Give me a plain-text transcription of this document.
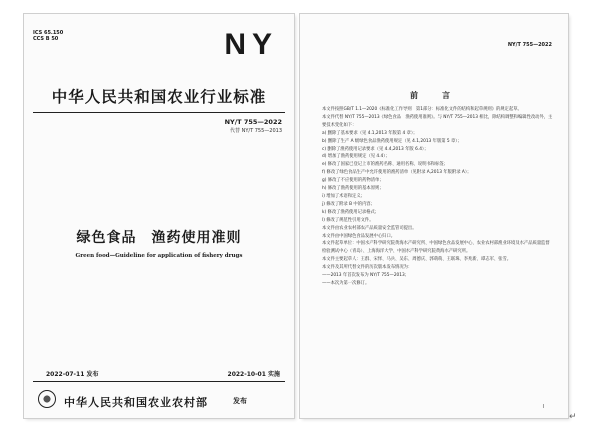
ICS 65.150
CCS B 50	NY
中华人民共和国农业行业标准
NY/T 755—2022
代替 NY/T 755—2013
绿色食品　渔药使用准则
Green food—Guideline for application of fishery drugs
2022-07-11 发布	2022-10-01 实施
中华人民共和国农业农村部	发布
NY/T 755—2022
前　言

本文件按照GB/T 1.1—2020《标准化工作导则　第1部分：标准化文件的结构和起草规则》的规定起草。

本文件代替 NY/T 755—2013《绿色食品　渔药使用准则》。与 NY/T 755—2013 相比，除结构调整和编辑性改动外，主要技术变化如下：

a) 删除了基本要求（见 4.1,2013 年版第 4 章）；

b) 删除了生产 A 级绿色食品渔药使用规定（见 4.1,2013 年版第 5 章）；

c) 删除了渔药使用记录要求（见 4.4,2013 年版 6.4）；

d) 增加了渔药使用规定（见 4.4）；

e) 修改了国家已登记上市的渔药名称、通用名称、说明书和标签；

f) 修改了绿色食品生产中允许使用的渔药清单（见附录 A,2013 年版附录 A）；

g) 修改了不应使用的药物清单；

h) 修改了渔药使用的基本原则；

i) 增加了术语和定义；

j) 修改了附录 B 中的内容；

k) 修改了渔药使用记录格式；

l) 修改了规范性引用文件。

本文件由农业农村部农产品质量安全监管司提出。

本文件由中国绿色食品发展中心归口。

本文件起草单位：中国水产科学研究院黄海水产研究所、中国绿色食品发展中心、农业农村部渔业环境及水产品质量监督检验测试中心（青岛）、上海海洋大学、中国水产科学研究院黄海水产研究所。

本文件主要起草人：王群、宋怿、马兵、吴东、周德庆、郭萌萌、王联珠、李兆新、谭志军、张雪。

本文件及其所代替文件的历次版本发布情况为：

——2013 年首次发布为 NY/T 755—2013；

——本次为第一次修订。

I
↵
